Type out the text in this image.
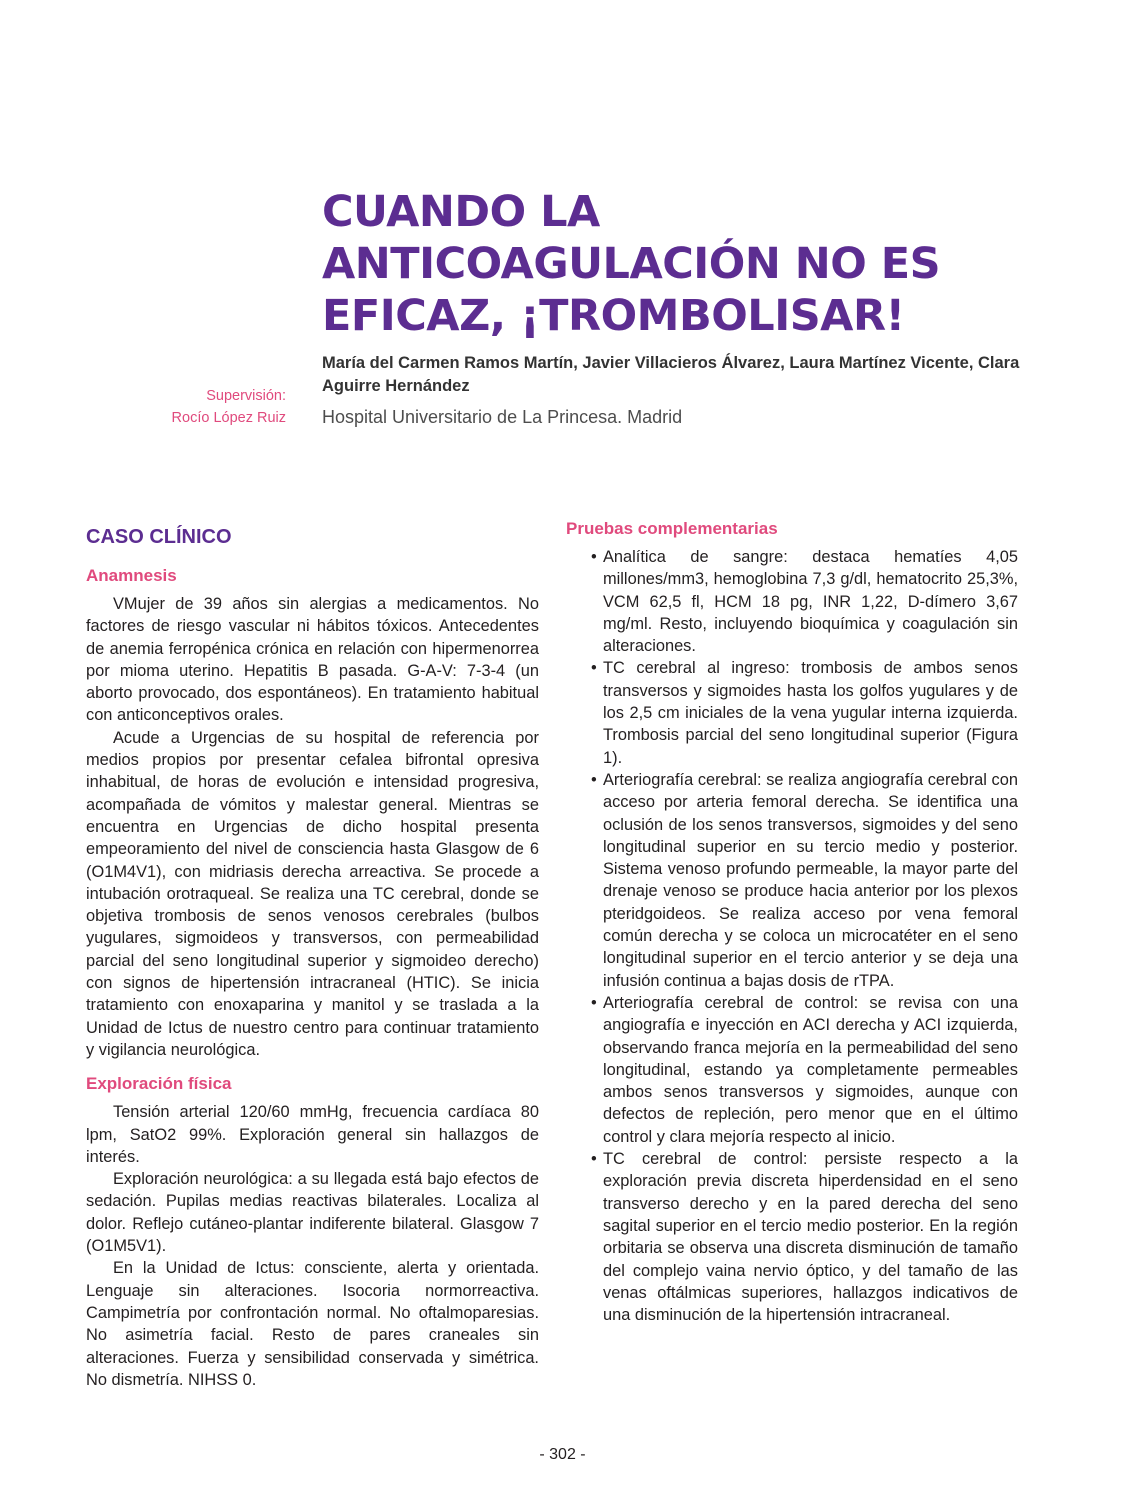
CUANDO LA
ANTICOAGULACIÓN NO ES
EFICAZ, ¡TROMBOLISAR!
Supervisión:
Rocío López Ruiz
María del Carmen Ramos Martín, Javier Villacieros Álvarez, Laura Martínez Vicente, Clara Aguirre Hernández
Hospital Universitario de La Princesa. Madrid
CASO CLÍNICO
Anamnesis

VMujer de 39 años sin alergias a medicamentos. No factores de riesgo vascular ni hábitos tóxicos. Antecedentes de anemia ferropénica crónica en relación con hipermenorrea por mioma uterino. Hepatitis B pasada. G-A-V: 7-3-4 (un aborto provocado, dos espontáneos). En tratamiento habitual con anticonceptivos orales.

Acude a Urgencias de su hospital de referencia por medios propios por presentar cefalea bifrontal opresiva inhabitual, de horas de evolución e intensidad progresiva, acompañada de vómitos y malestar general. Mientras se encuentra en Urgencias de dicho hospital presenta empeoramiento del nivel de consciencia hasta Glasgow de 6 (O1M4V1), con midriasis derecha arreactiva. Se procede a intubación orotraqueal. Se realiza una TC cerebral, donde se objetiva trombosis de senos venosos cerebrales (bulbos yugulares, sigmoideos y transversos, con permeabilidad parcial del seno longitudinal superior y sigmoideo derecho) con signos de hipertensión intracraneal (HTIC). Se inicia tratamiento con enoxaparina y manitol y se traslada a la Unidad de Ictus de nuestro centro para continuar tratamiento y vigilancia neurológica.

Exploración física

Tensión arterial 120/60 mmHg, frecuencia cardíaca 80 lpm, SatO2 99%. Exploración general sin hallazgos de interés.

Exploración neurológica: a su llegada está bajo efectos de sedación. Pupilas medias reactivas bilaterales. Localiza al dolor. Reflejo cutáneo-plantar indiferente bilateral. Glasgow 7 (O1M5V1).

En la Unidad de Ictus: consciente, alerta y orientada. Lenguaje sin alteraciones. Isocoria normorreactiva. Campimetría por confrontación normal. No oftalmoparesias. No asimetría facial. Resto de pares craneales sin alteraciones. Fuerza y sensibilidad conservada y simétrica. No dismetría. NIHSS 0.

Pruebas complementarias
• Analítica de sangre: destaca hematíes 4,05 millones/mm3, hemoglobina 7,3 g/dl, hematocrito 25,3%, VCM 62,5 fl, HCM 18 pg, INR 1,22, D-dímero 3,67 mg/ml. Resto, incluyendo bioquímica y coagulación sin alteraciones.
• TC cerebral al ingreso: trombosis de ambos senos transversos y sigmoides hasta los golfos yugulares y de los 2,5 cm iniciales de la vena yugular interna izquierda. Trombosis parcial del seno longitudinal superior (Figura 1).
• Arteriografía cerebral: se realiza angiografía cerebral con acceso por arteria femoral derecha. Se identifica una oclusión de los senos transversos, sigmoides y del seno longitudinal superior en su tercio medio y posterior. Sistema venoso profundo permeable, la mayor parte del drenaje venoso se produce hacia anterior por los plexos pteridgoideos. Se realiza acceso por vena femoral común derecha y se coloca un microcatéter en el seno longitudinal superior en el tercio anterior y se deja una infusión continua a bajas dosis de rTPA.
• Arteriografía cerebral de control: se revisa con una angiografía e inyección en ACI derecha y ACI izquierda, observando franca mejoría en la permeabilidad del seno longitudinal, estando ya completamente permeables ambos senos transversos y sigmoides, aunque con defectos de repleción, pero menor que en el último control y clara mejoría respecto al inicio.
• TC cerebral de control: persiste respecto a la exploración previa discreta hiperdensidad en el seno transverso derecho y en la pared derecha del seno sagital superior en el tercio medio posterior. En la región orbitaria se observa una discreta disminución de tamaño del complejo vaina nervio óptico, y del tamaño de las venas oftálmicas superiores, hallazgos indicativos de una disminución de la hipertensión intracraneal.
- 302 -
